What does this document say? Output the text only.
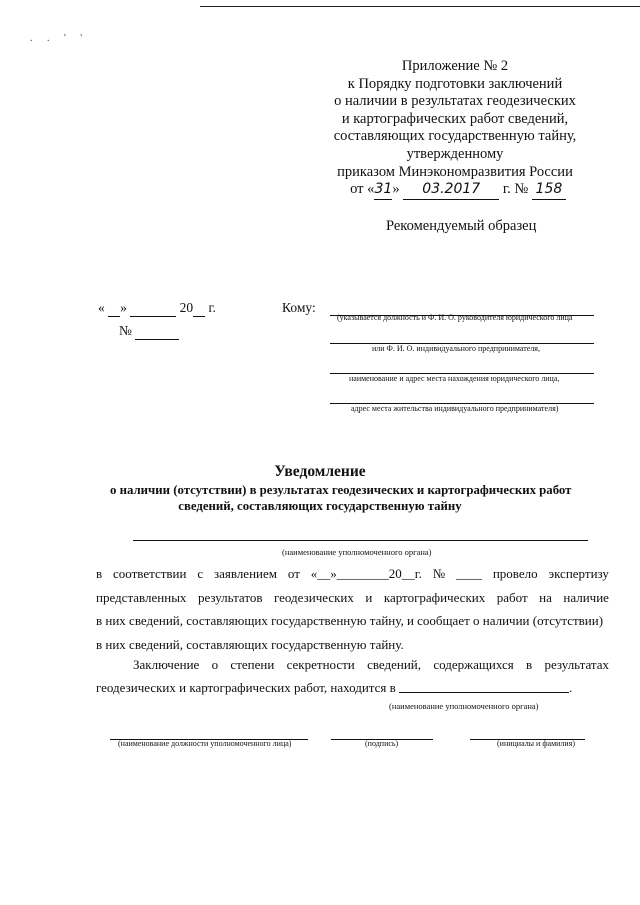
. . ' '
Приложение № 2
к Порядку подготовки заключений
о наличии в результатах геодезических
и картографических работ сведений,
составляющих государственную тайну,
утвержденному
приказом Минэкономразвития России
от «31» 03.2017 г. № 158
Рекомендуемый образец
« »	20 г.
№
Кому:
(указывается должность и Ф. И. О. руководителя юридического лица
или Ф. И. О. индивидуального предпринимателя,
наименование и адрес места нахождения юридического лица,
адрес места жительства индивидуального предпринимателя)
Уведомление
о наличии (отсутствии) в результатах геодезических и картографических работ
сведений, составляющих государственную тайну
(наименование уполномоченного органа)
в соответствии с заявлением от «__»________20__г. № ____ провело экспертизу
представленных результатов геодезических и картографических работ на наличие
в них сведений, составляющих государственную тайну, и сообщает о наличии (отсутствии)
в них сведений, составляющих государственную тайну.
Заключение о степени секретности сведений, содержащихся в результатах
геодезических и картографических работ, находится в
	.
(наименование уполномоченного органа)
(наименование должности уполномоченного лица)	(подпись)	(инициалы и фамилия)
